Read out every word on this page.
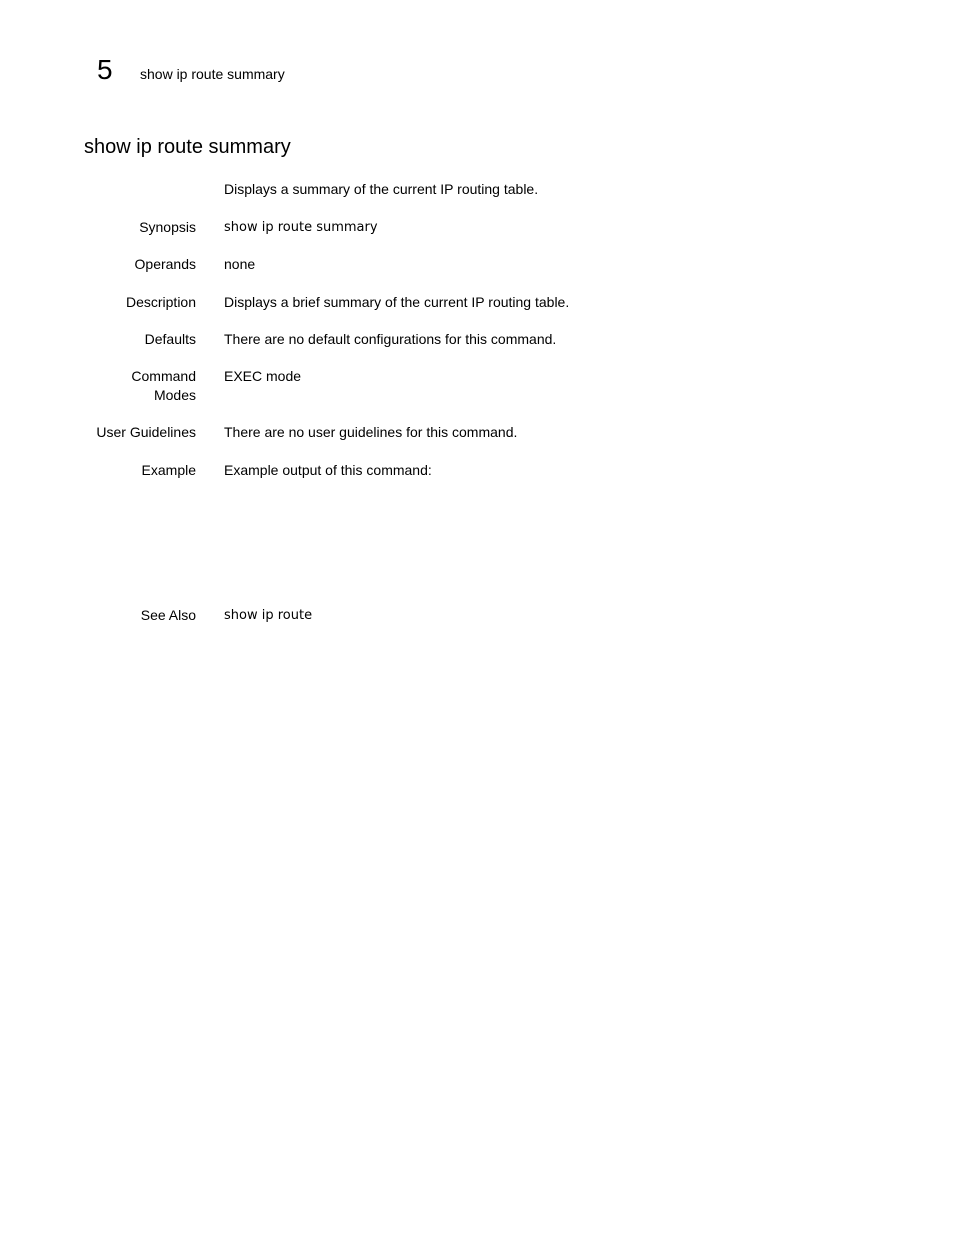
5	show ip route summary
show ip route summary
Displays a summary of the current IP routing table.
Synopsis show ip route summary
Operands none
Description Displays a brief summary of the current IP routing table.
Defaults There are no default configurations for this command.
Command
Modes
EXEC mode
User Guidelines There are no user guidelines for this command.
Example Example output of this command:
See Also show ip route
